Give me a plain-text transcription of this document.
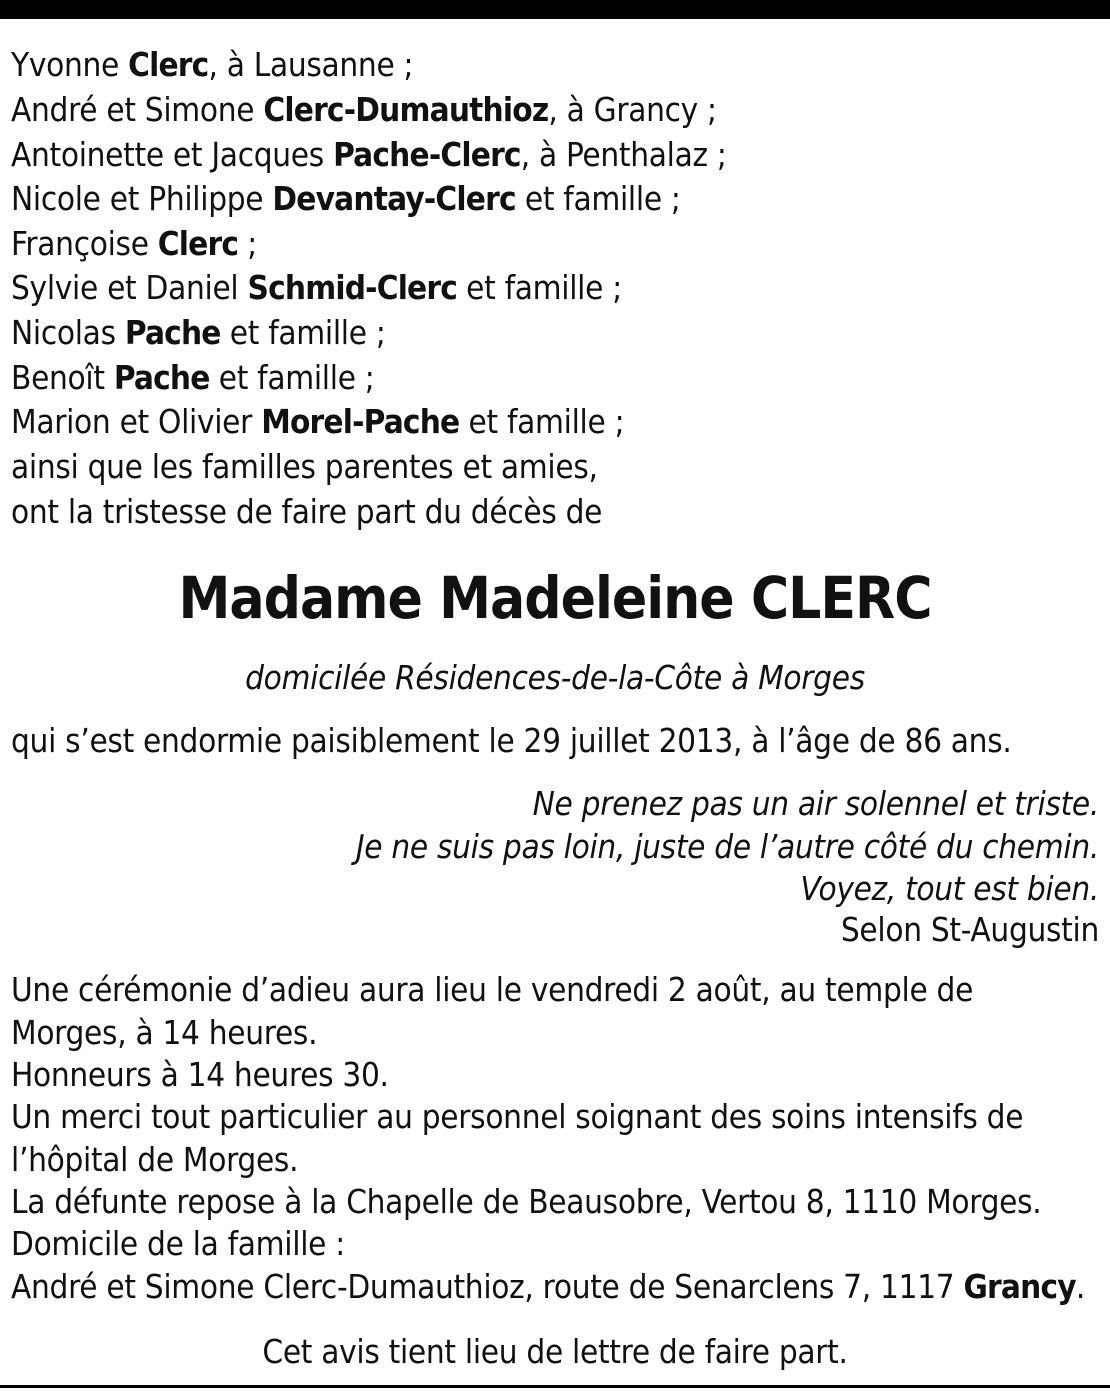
Yvonne Clerc, à Lausanne ;
André et Simone Clerc-Dumauthioz, à Grancy ;
Antoinette et Jacques Pache-Clerc, à Penthalaz ;
Nicole et Philippe Devantay-Clerc et famille ;
Françoise Clerc ;
Sylvie et Daniel Schmid-Clerc et famille ;
Nicolas Pache et famille ;
Benoît Pache et famille ;
Marion et Olivier Morel-Pache et famille ;
ainsi que les familles parentes et amies,
ont la tristesse de faire part du décès de
Madame Madeleine CLERC
domicilée Résidences-de-la-Côte à Morges
qui s’est endormie paisiblement le 29 juillet 2013, à l’âge de 86 ans.
Ne prenez pas un air solennel et triste.
Je ne suis pas loin, juste de l’autre côté du chemin.
Voyez, tout est bien.
Selon St-Augustin
Une cérémonie d’adieu aura lieu le vendredi 2 août, au temple de
Morges, à 14 heures.
Honneurs à 14 heures 30.
Un merci tout particulier au personnel soignant des soins intensifs de
l’hôpital de Morges.
La défunte repose à la Chapelle de Beausobre, Vertou 8, 1110 Morges.
Domicile de la famille :
André et Simone Clerc-Dumauthioz, route de Senarclens 7, 1117 Grancy.
Cet avis tient lieu de lettre de faire part.
